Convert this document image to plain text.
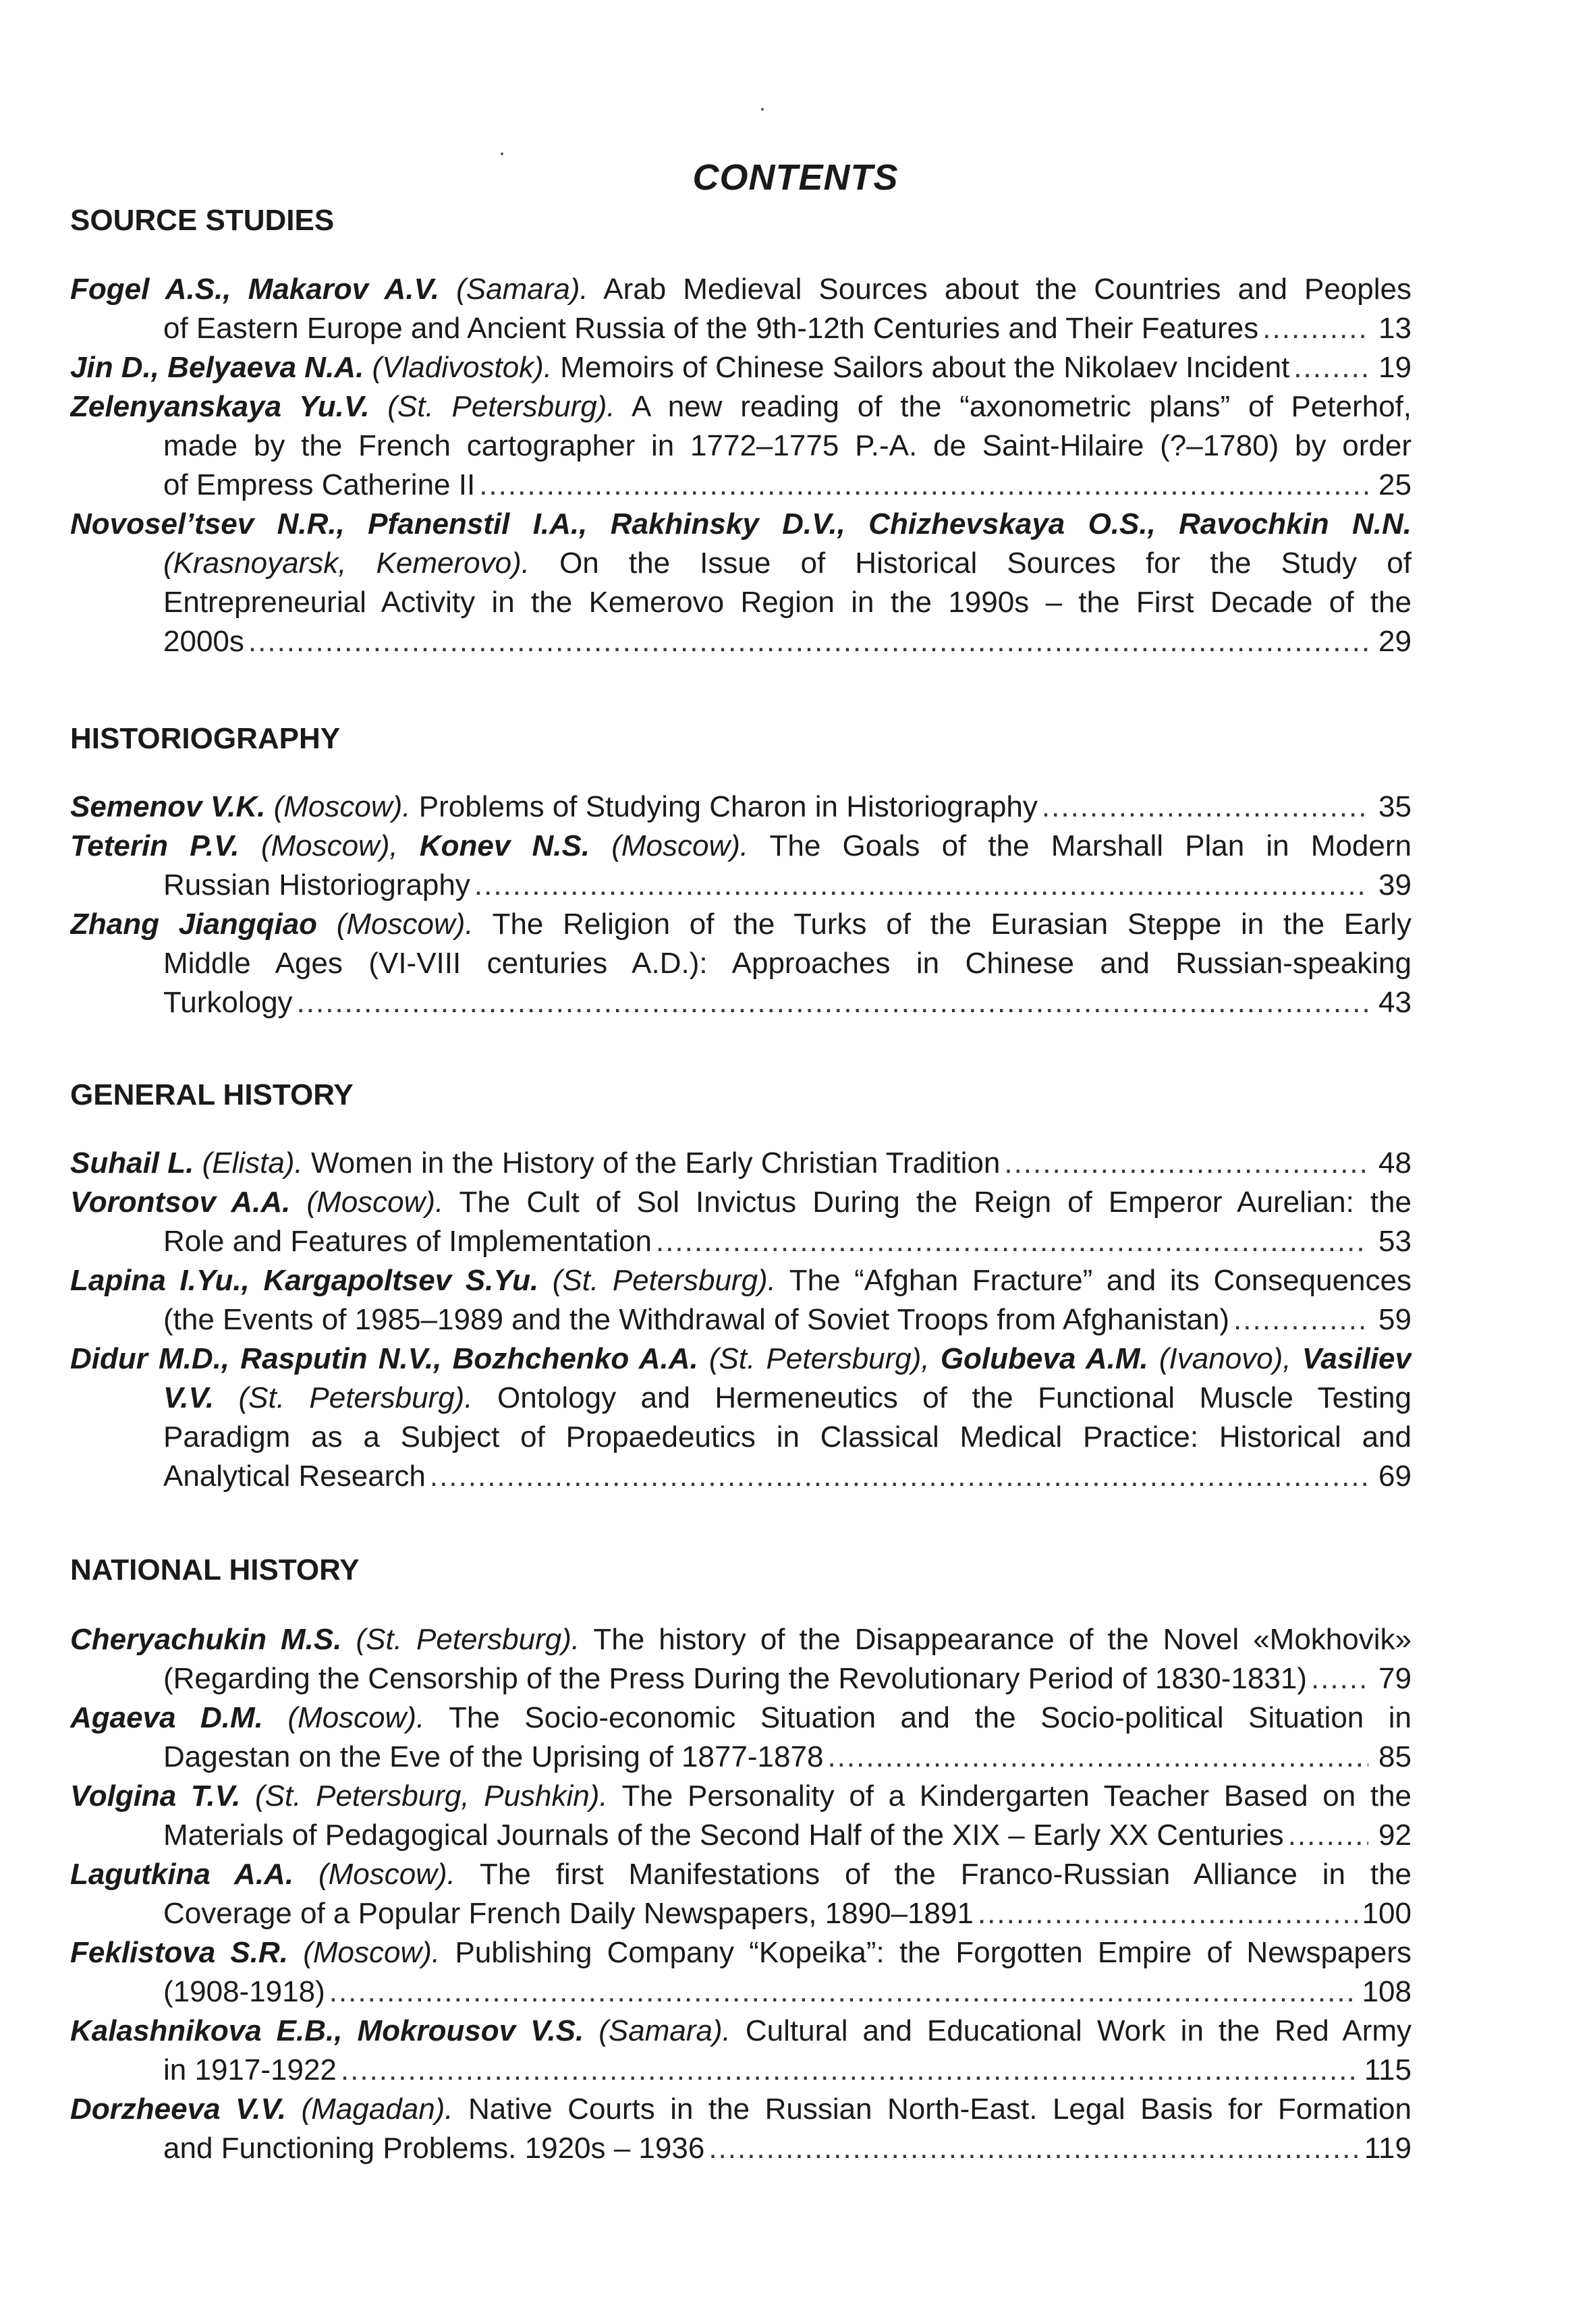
CONTENTS
SOURCE STUDIES
Fogel A.S., Makarov A.V. (Samara). Arab Medieval Sources about the Countries and Peoples
of Eastern Europe and Ancient Russia of the 9th-12th Centuries and Their Features .....	13
Jin D., Belyaeva N.A. (Vladivostok). Memoirs of Chinese Sailors about the Nikolaev Incident .....	19
Zelenyanskaya Yu.V. (St. Petersburg). A new reading of the “axonometric plans” of Peterhof,
made by the French cartographer in 1772–1775 P.-A. de Saint-Hilaire (?–1780) by order
of Empress Catherine II .....	25
Novosel’tsev N.R., Pfanenstil I.A., Rakhinsky D.V., Chizhevskaya O.S., Ravochkin N.N.
(Krasnoyarsk, Kemerovo). On the Issue of Historical Sources for the Study of
Entrepreneurial Activity in the Kemerovo Region in the 1990s – the First Decade of the
2000s .....	29
HISTORIOGRAPHY
Semenov V.K. (Moscow). Problems of Studying Charon in Historiography .....	35
Teterin P.V. (Moscow), Konev N.S. (Moscow). The Goals of the Marshall Plan in Modern
Russian Historiography .....	39
Zhang Jiangqiao (Moscow). The Religion of the Turks of the Eurasian Steppe in the Early
Middle Ages (VI-VIII centuries A.D.): Approaches in Chinese and Russian-speaking
Turkology .....	43
GENERAL HISTORY
Suhail L. (Elista). Women in the History of the Early Christian Tradition .....	48
Vorontsov A.A. (Moscow). The Cult of Sol Invictus During the Reign of Emperor Aurelian: the
Role and Features of Implementation .....	53
Lapina I.Yu., Kargapoltsev S.Yu. (St. Petersburg). The “Afghan Fracture” and its Consequences
(the Events of 1985–1989 and the Withdrawal of Soviet Troops from Afghanistan) .....	59
Didur M.D., Rasputin N.V., Bozhchenko A.A. (St. Petersburg), Golubeva A.M. (Ivanovo), Vasiliev
V.V. (St. Petersburg). Ontology and Hermeneutics of the Functional Muscle Testing
Paradigm as a Subject of Propaedeutics in Classical Medical Practice: Historical and
Analytical Research .....	69
NATIONAL HISTORY
Cheryachukin M.S. (St. Petersburg). The history of the Disappearance of the Novel «Mokhovik»
(Regarding the Censorship of the Press During the Revolutionary Period of 1830-1831) ..... 79
Agaeva D.M. (Moscow). The Socio-economic Situation and the Socio-political Situation in
Dagestan on the Eve of the Uprising of 1877-1878 .....	85
Volgina T.V. (St. Petersburg, Pushkin). The Personality of a Kindergarten Teacher Based on the
Materials of Pedagogical Journals of the Second Half of the XIX – Early XX Centuries .....	92
Lagutkina A.A. (Moscow). The first Manifestations of the Franco-Russian Alliance in the
Coverage of a Popular French Daily Newspapers, 1890–1891 .....	100
Feklistova S.R. (Moscow). Publishing Company “Kopeika”: the Forgotten Empire of Newspapers
(1908-1918) .....	108
Kalashnikova E.B., Mokrousov V.S. (Samara). Cultural and Educational Work in the Red Army
in 1917-1922 .....	115
Dorzheeva V.V. (Magadan). Native Courts in the Russian North-East. Legal Basis for Formation
and Functioning Problems. 1920s – 1936 .....	119
